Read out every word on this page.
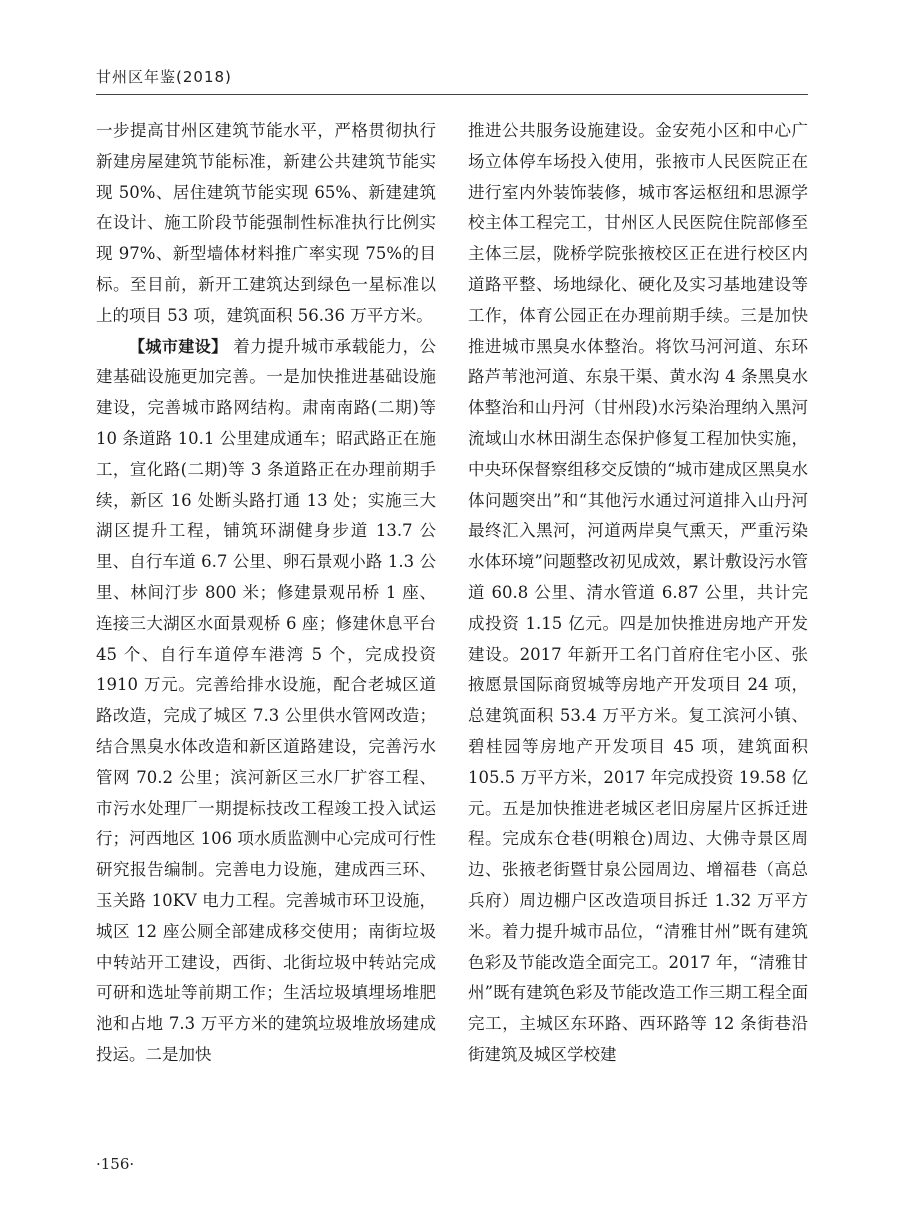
甘州区年鉴(2018)

一步提高甘州区建筑节能水平，严格贯彻执行新建房屋建筑节能标准，新建公共建筑节能实现 50%、居住建筑节能实现 65%、新建建筑在设计、施工阶段节能强制性标准执行比例实现 97%、新型墙体材料推广率实现 75%的目标。至目前，新开工建筑达到绿色一星标准以上的项目 53 项，建筑面积 56.36 万平方米。

【城市建设】 着力提升城市承载能力，公建基础设施更加完善。一是加快推进基础设施建设，完善城市路网结构。肃南南路(二期)等 10 条道路 10.1 公里建成通车；昭武路正在施工，宣化路(二期)等 3 条道路正在办理前期手续，新区 16 处断头路打通 13 处；实施三大湖区提升工程，铺筑环湖健身步道 13.7 公里、自行车道 6.7 公里、卵石景观小路 1.3 公里、林间汀步 800 米；修建景观吊桥 1 座、连接三大湖区水面景观桥 6 座；修建休息平台 45 个、自行车道停车港湾 5 个，完成投资 1910 万元。完善给排水设施，配合老城区道路改造，完成了城区 7.3 公里供水管网改造；结合黑臭水体改造和新区道路建设，完善污水管网 70.2 公里；滨河新区三水厂扩容工程、市污水处理厂一期提标技改工程竣工投入试运行；河西地区 106 项水质监测中心完成可行性研究报告编制。完善电力设施，建成西三环、玉关路 10KV 电力工程。完善城市环卫设施，城区 12 座公厕全部建成移交使用；南街垃圾中转站开工建设，西街、北街垃圾中转站完成可研和选址等前期工作；生活垃圾填埋场堆肥池和占地 7.3 万平方米的建筑垃圾堆放场建成投运。二是加快

推进公共服务设施建设。金安苑小区和中心广场立体停车场投入使用，张掖市人民医院正在进行室内外装饰装修，城市客运枢纽和思源学校主体工程完工，甘州区人民医院住院部修至主体三层，陇桥学院张掖校区正在进行校区内道路平整、场地绿化、硬化及实习基地建设等工作，体育公园正在办理前期手续。三是加快推进城市黑臭水体整治。将饮马河河道、东环路芦苇池河道、东泉干渠、黄水沟 4 条黑臭水体整治和山丹河（甘州段)水污染治理纳入黑河流域山水林田湖生态保护修复工程加快实施，中央环保督察组移交反馈的“城市建成区黑臭水体问题突出”和“其他污水通过河道排入山丹河最终汇入黑河，河道两岸臭气熏天，严重污染水体环境”问题整改初见成效，累计敷设污水管道 60.8 公里、清水管道 6.87 公里，共计完成投资 1.15 亿元。四是加快推进房地产开发建设。2017 年新开工名门首府住宅小区、张掖愿景国际商贸城等房地产开发项目 24 项，总建筑面积 53.4 万平方米。复工滨河小镇、碧桂园等房地产开发项目 45 项，建筑面积 105.5 万平方米，2017 年完成投资 19.58 亿元。五是加快推进老城区老旧房屋片区拆迁进程。完成东仓巷(明粮仓)周边、大佛寺景区周边、张掖老街暨甘泉公园周边、增福巷（高总兵府）周边棚户区改造项目拆迁 1.32 万平方米。着力提升城市品位，“清雅甘州”既有建筑色彩及节能改造全面完工。2017 年，“清雅甘州”既有建筑色彩及节能改造工作三期工程全面完工，主城区东环路、西环路等 12 条街巷沿街建筑及城区学校建

·156·
